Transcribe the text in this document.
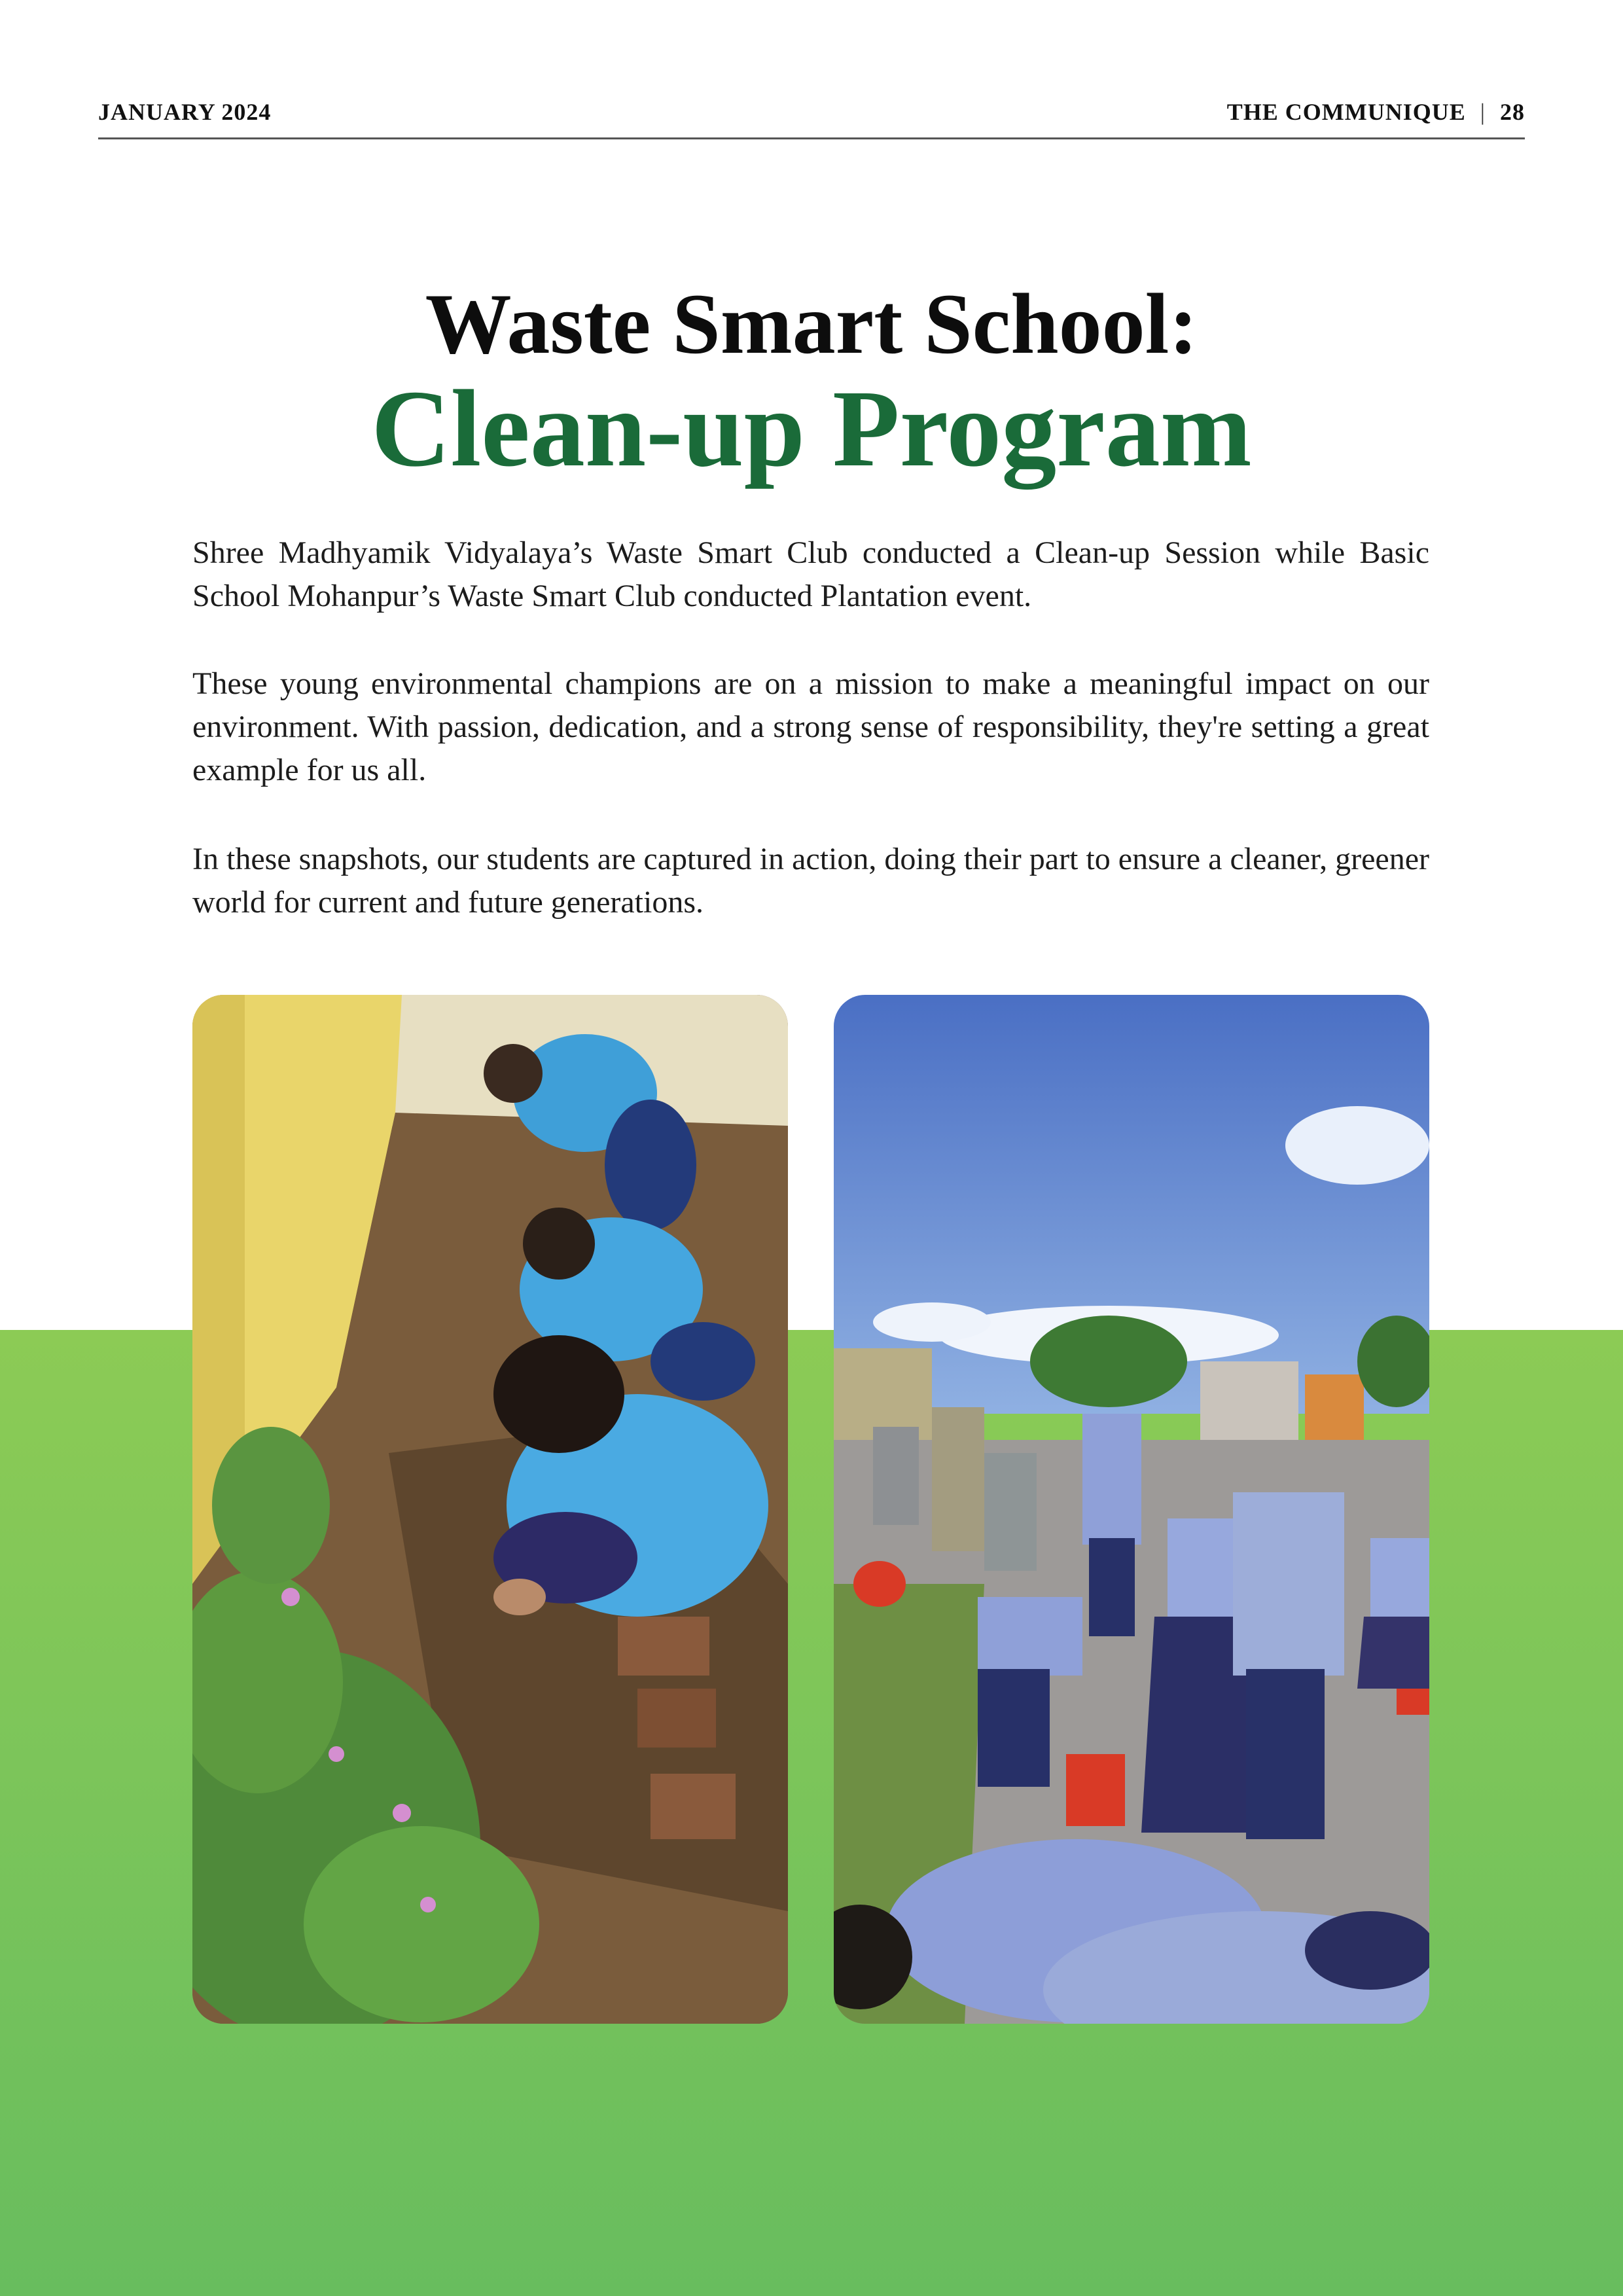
JANUARY 2024	THE COMMUNIQUE | 28
Waste Smart School:
Clean-up Program

Shree Madhyamik Vidyalaya’s Waste Smart Club conducted a Clean-up Session while Basic School Mohanpur’s Waste Smart Club conducted Plantation event.

These young environmental champions are on a mission to make a meaningful impact on our environment. With passion, dedication, and a strong sense of responsibility, they're setting a great example for us all.

In these snapshots, our students are captured in action, doing their part to ensure a cleaner, greener world for current and future generations.
